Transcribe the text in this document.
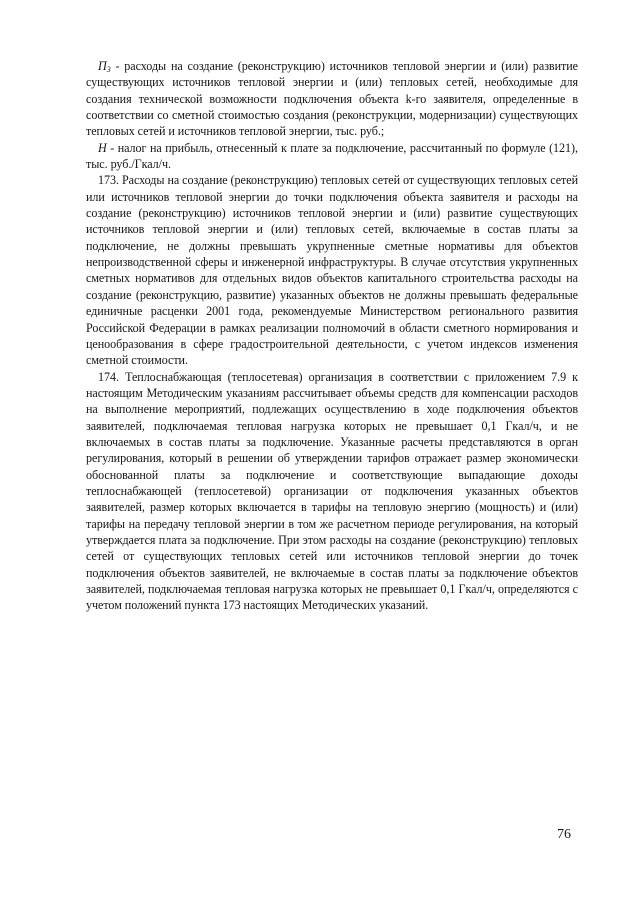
$П_3$ - расходы на создание (реконструкцию) источников тепловой энергии и (или) развитие существующих источников тепловой энергии и (или) тепловых сетей, необходимые для создания технической возможности подключения объекта k-го заявителя, определенные в соответствии со сметной стоимостью создания (реконструкции, модернизации) существующих тепловых сетей и источников тепловой энергии, тыс. руб.;

Н - налог на прибыль, отнесенный к плате за подключение, рассчитанный по формуле (121), тыс. руб./Гкал/ч.

173. Расходы на создание (реконструкцию) тепловых сетей от существующих тепловых сетей или источников тепловой энергии до точки подключения объекта заявителя и расходы на создание (реконструкцию) источников тепловой энергии и (или) развитие существующих источников тепловой энергии и (или) тепловых сетей, включаемые в состав платы за подключение, не должны превышать укрупненные сметные нормативы для объектов непроизводственной сферы и инженерной инфраструктуры. В случае отсутствия укрупненных сметных нормативов для отдельных видов объектов капитального строительства расходы на создание (реконструкцию, развитие) указанных объектов не должны превышать федеральные единичные расценки 2001 года, рекомендуемые Министерством регионального развития Российской Федерации в рамках реализации полномочий в области сметного нормирования и ценообразования в сфере градостроительной деятельности, с учетом индексов изменения сметной стоимости.

174. Теплоснабжающая (теплосетевая) организация в соответствии с приложением 7.9 к настоящим Методическим указаниям рассчитывает объемы средств для компенсации расходов на выполнение мероприятий, подлежащих осуществлению в ходе подключения объектов заявителей, подключаемая тепловая нагрузка которых не превышает 0,1 Гкал/ч, и не включаемых в состав платы за подключение. Указанные расчеты представляются в орган регулирования, который в решении об утверждении тарифов отражает размер экономически обоснованной платы за подключение и соответствующие выпадающие доходы теплоснабжающей (теплосетевой) организации от подключения указанных объектов заявителей, размер которых включается в тарифы на тепловую энергию (мощность) и (или) тарифы на передачу тепловой энергии в том же расчетном периоде регулирования, на который утверждается плата за подключение. При этом расходы на создание (реконструкцию) тепловых сетей от существующих тепловых сетей или источников тепловой энергии до точек подключения объектов заявителей, не включаемые в состав платы за подключение объектов заявителей, подключаемая тепловая нагрузка которых не превышает 0,1 Гкал/ч, определяются с учетом положений пункта 173 настоящих Методических указаний.

76
